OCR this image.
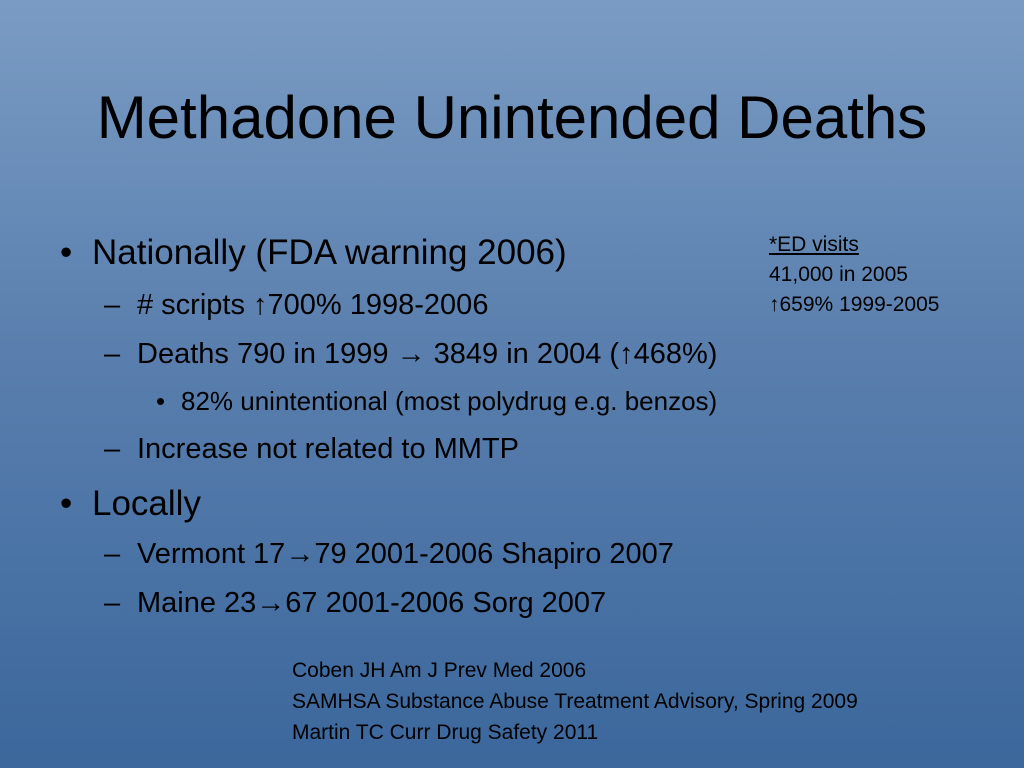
Methadone Unintended Deaths
• Nationally (FDA warning 2006)
– # scripts ↑700% 1998-2006
– Deaths 790 in 1999 → 3849 in 2004 (↑468%)
• 82% unintentional (most polydrug e.g. benzos)
– Increase not related to MMTP
• Locally
– Vermont 17→79 2001-2006 Shapiro 2007
– Maine 23→67 2001-2006 Sorg 2007
*ED visits
41,000 in 2005
↑659% 1999-2005
Coben JH Am J Prev Med 2006
SAMHSA Substance Abuse Treatment Advisory, Spring 2009
Martin TC Curr Drug Safety 2011
